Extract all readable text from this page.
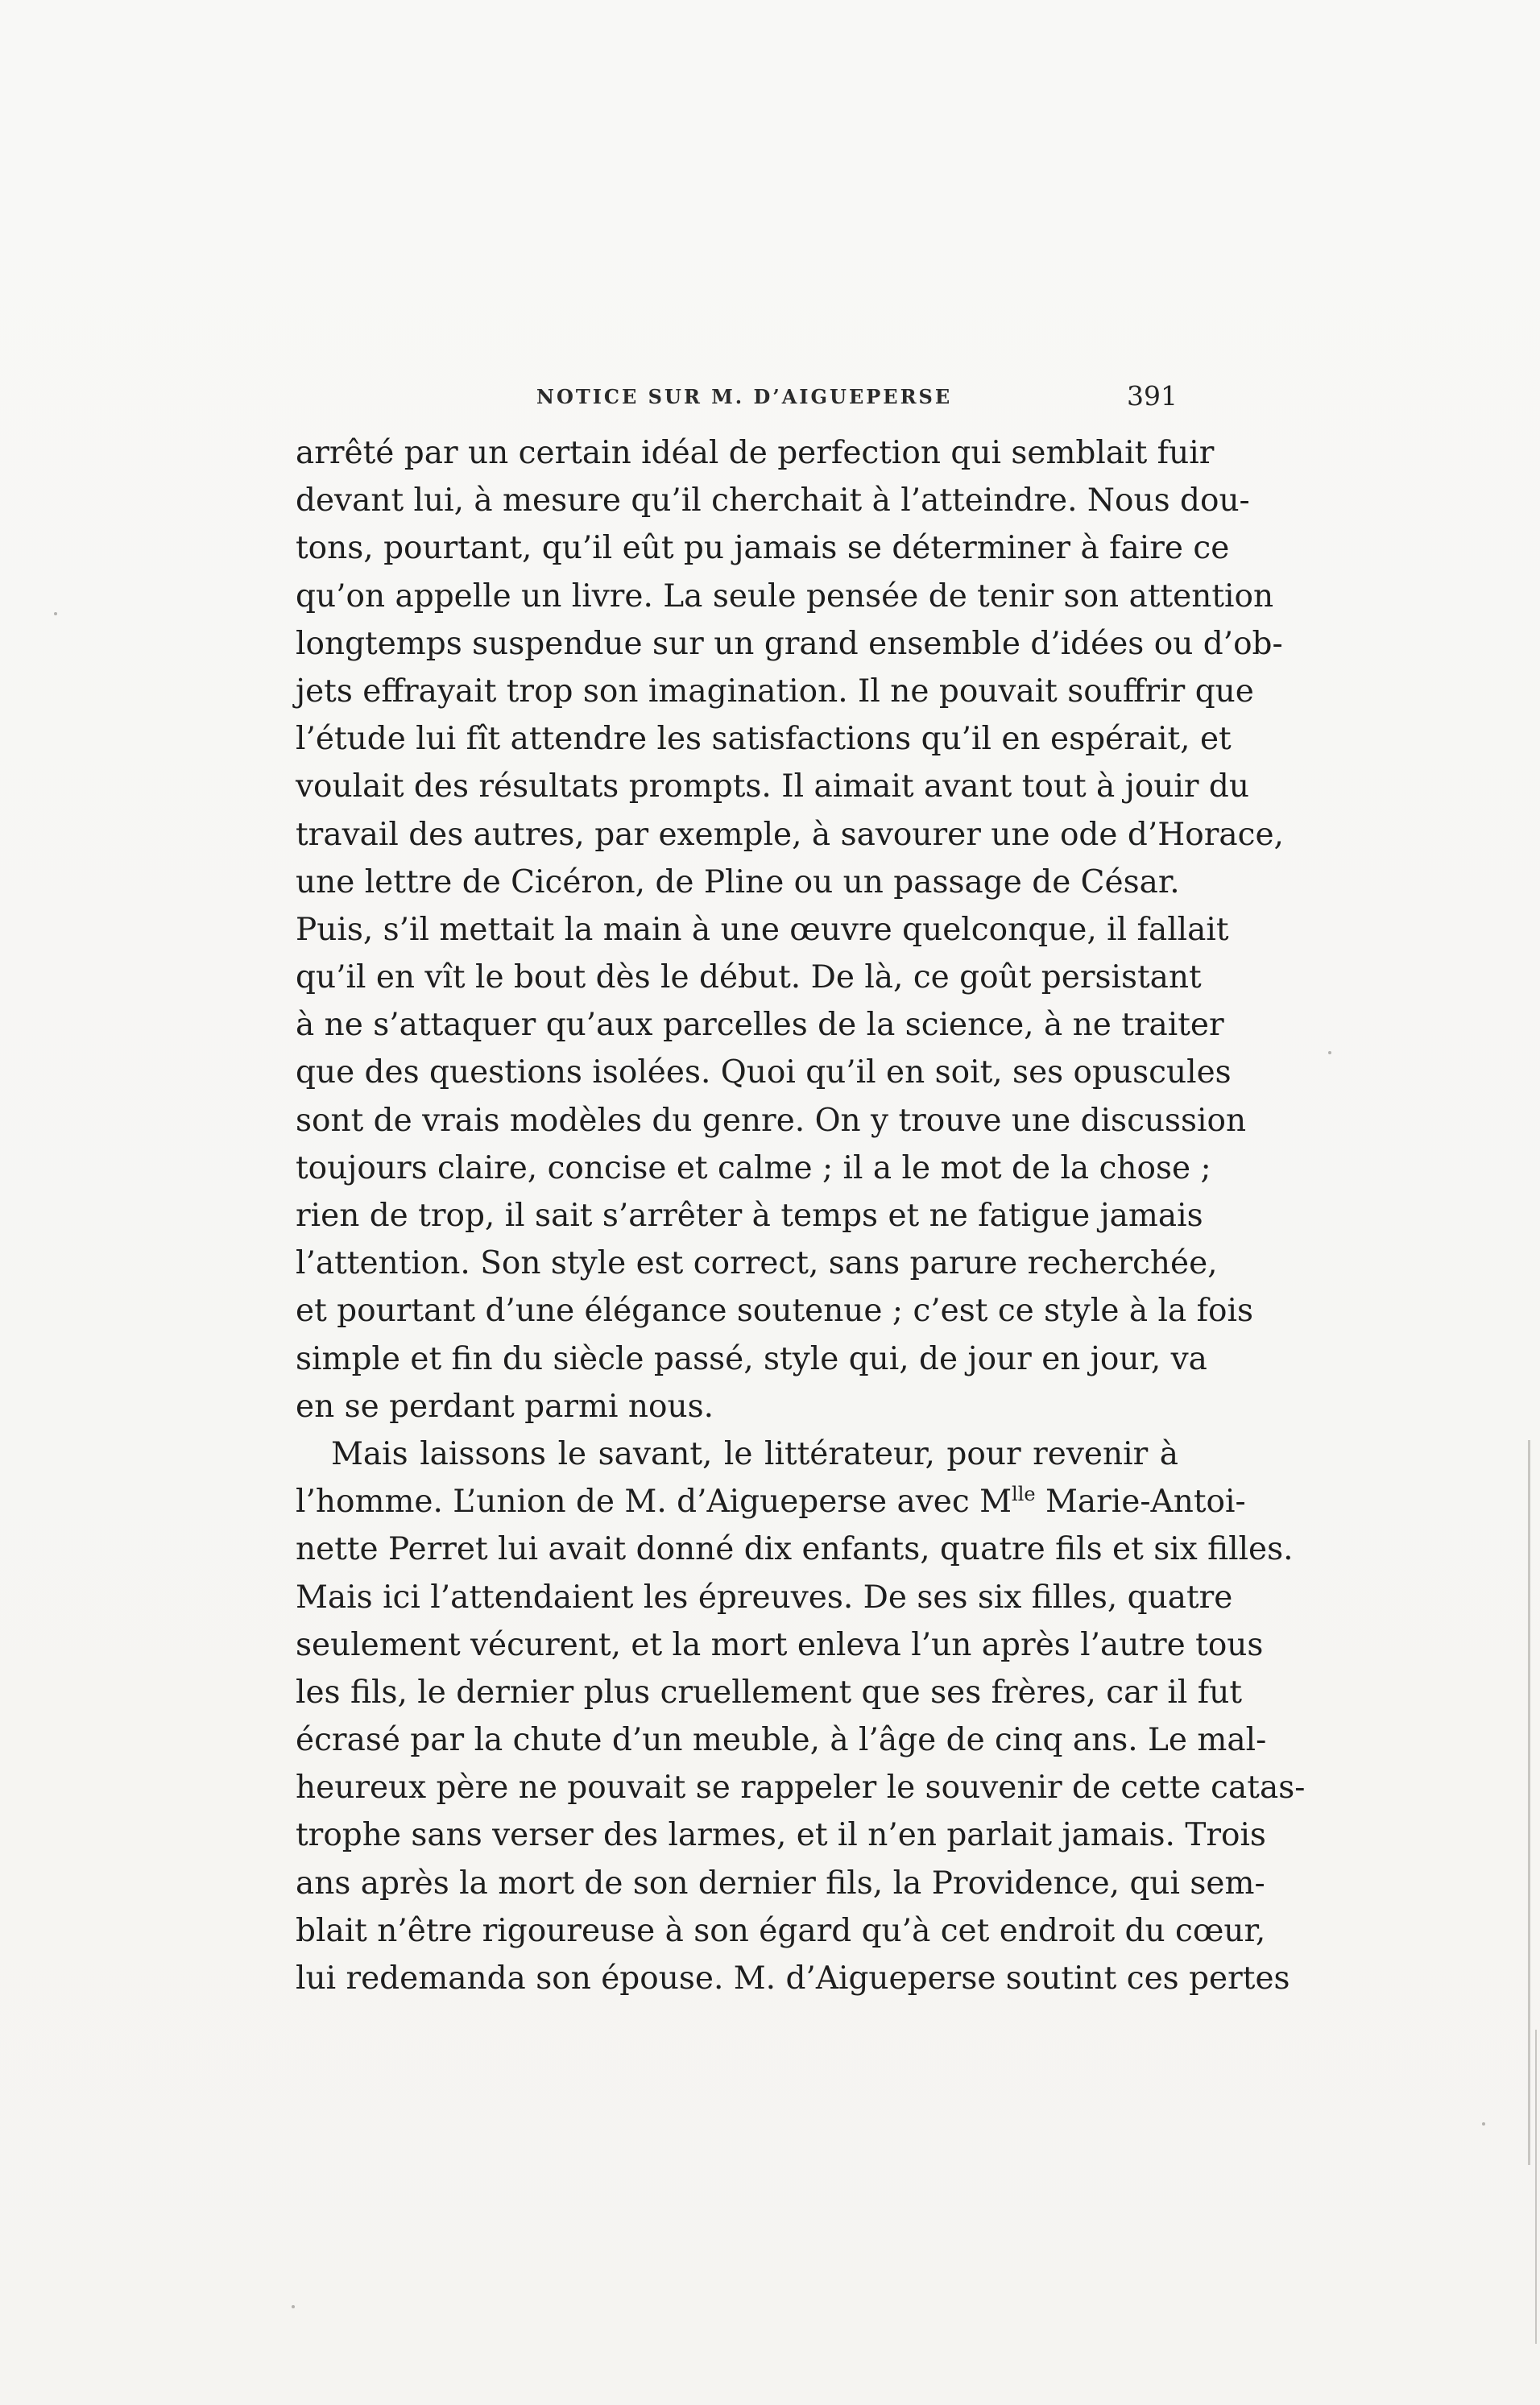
NOTICE SUR M. D’AIGUEPERSE	391
arrêté par un certain idéal de perfection qui semblait fuir
devant lui, à mesure qu’il cherchait à l’atteindre. Nous dou-
tons, pourtant, qu’il eût pu jamais se déterminer à faire ce
qu’on appelle un livre. La seule pensée de tenir son attention
longtemps suspendue sur un grand ensemble d’idées ou d’ob-
jets effrayait trop son imagination. Il ne pouvait souffrir que
l’étude lui fît attendre les satisfactions qu’il en espérait, et
voulait des résultats prompts. Il aimait avant tout à jouir du
travail des autres, par exemple, à savourer une ode d’Horace,
une lettre de Cicéron, de Pline ou un passage de César.
Puis, s’il mettait la main à une œuvre quelconque, il fallait
qu’il en vît le bout dès le début. De là, ce goût persistant
à ne s’attaquer qu’aux parcelles de la science, à ne traiter
que des questions isolées. Quoi qu’il en soit, ses opuscules
sont de vrais modèles du genre. On y trouve une discussion
toujours claire, concise et calme ; il a le mot de la chose ;
rien de trop, il sait s’arrêter à temps et ne fatigue jamais
l’attention. Son style est correct, sans parure recherchée,
et pourtant d’une élégance soutenue ; c’est ce style à la fois
simple et fin du siècle passé, style qui, de jour en jour, va
en se perdant parmi nous.
Mais laissons le savant, le littérateur, pour revenir à
l’homme. L’union de M. d’Aigueperse avec $M^{lle}$ Marie-Antoi-
nette Perret lui avait donné dix enfants, quatre fils et six filles.
Mais ici l’attendaient les épreuves. De ses six filles, quatre
seulement vécurent, et la mort enleva l’un après l’autre tous
les fils, le dernier plus cruellement que ses frères, car il fut
écrasé par la chute d’un meuble, à l’âge de cinq ans. Le mal-
heureux père ne pouvait se rappeler le souvenir de cette catas-
trophe sans verser des larmes, et il n’en parlait jamais. Trois
ans après la mort de son dernier fils, la Providence, qui sem-
blait n’être rigoureuse à son égard qu’à cet endroit du cœur,
lui redemanda son épouse. M. d’Aigueperse soutint ces pertes
